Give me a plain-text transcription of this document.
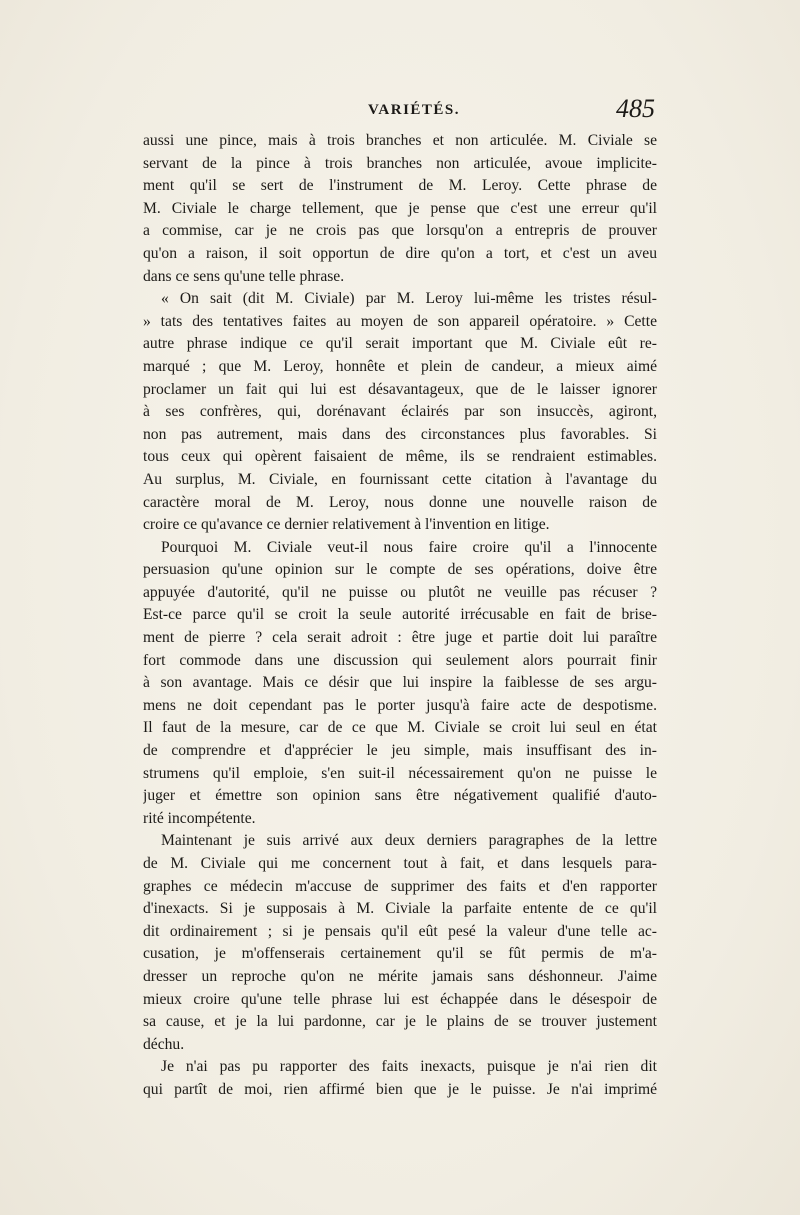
VARIÉTÉS.	485
aussi une pince, mais à trois branches et non articulée. M. Civiale se
servant de la pince à trois branches non articulée, avoue implicite-
ment qu'il se sert de l'instrument de M. Leroy. Cette phrase de
M. Civiale le charge tellement, que je pense que c'est une erreur qu'il
a commise, car je ne crois pas que lorsqu'on a entrepris de prouver
qu'on a raison, il soit opportun de dire qu'on a tort, et c'est un aveu
dans ce sens qu'une telle phrase.
« On sait (dit M. Civiale) par M. Leroy lui-même les tristes résul-
» tats des tentatives faites au moyen de son appareil opératoire. » Cette
autre phrase indique ce qu'il serait important que M. Civiale eût re-
marqué ; que M. Leroy, honnête et plein de candeur, a mieux aimé
proclamer un fait qui lui est désavantageux, que de le laisser ignorer
à ses confrères, qui, dorénavant éclairés par son insuccès, agiront,
non pas autrement, mais dans des circonstances plus favorables. Si
tous ceux qui opèrent faisaient de même, ils se rendraient estimables.
Au surplus, M. Civiale, en fournissant cette citation à l'avantage du
caractère moral de M. Leroy, nous donne une nouvelle raison de
croire ce qu'avance ce dernier relativement à l'invention en litige.
Pourquoi M. Civiale veut-il nous faire croire qu'il a l'innocente
persuasion qu'une opinion sur le compte de ses opérations, doive être
appuyée d'autorité, qu'il ne puisse ou plutôt ne veuille pas récuser ?
Est-ce parce qu'il se croit la seule autorité irrécusable en fait de brise-
ment de pierre ? cela serait adroit : être juge et partie doit lui paraître
fort commode dans une discussion qui seulement alors pourrait finir
à son avantage. Mais ce désir que lui inspire la faiblesse de ses argu-
mens ne doit cependant pas le porter jusqu'à faire acte de despotisme.
Il faut de la mesure, car de ce que M. Civiale se croit lui seul en état
de comprendre et d'apprécier le jeu simple, mais insuffisant des in-
strumens qu'il emploie, s'en suit-il nécessairement qu'on ne puisse le
juger et émettre son opinion sans être négativement qualifié d'auto-
rité incompétente.
Maintenant je suis arrivé aux deux derniers paragraphes de la lettre
de M. Civiale qui me concernent tout à fait, et dans lesquels para-
graphes ce médecin m'accuse de supprimer des faits et d'en rapporter
d'inexacts. Si je supposais à M. Civiale la parfaite entente de ce qu'il
dit ordinairement ; si je pensais qu'il eût pesé la valeur d'une telle ac-
cusation, je m'offenserais certainement qu'il se fût permis de m'a-
dresser un reproche qu'on ne mérite jamais sans déshonneur. J'aime
mieux croire qu'une telle phrase lui est échappée dans le désespoir de
sa cause, et je la lui pardonne, car je le plains de se trouver justement
déchu.
Je n'ai pas pu rapporter des faits inexacts, puisque je n'ai rien dit
qui partît de moi, rien affirmé bien que je le puisse. Je n'ai imprimé
